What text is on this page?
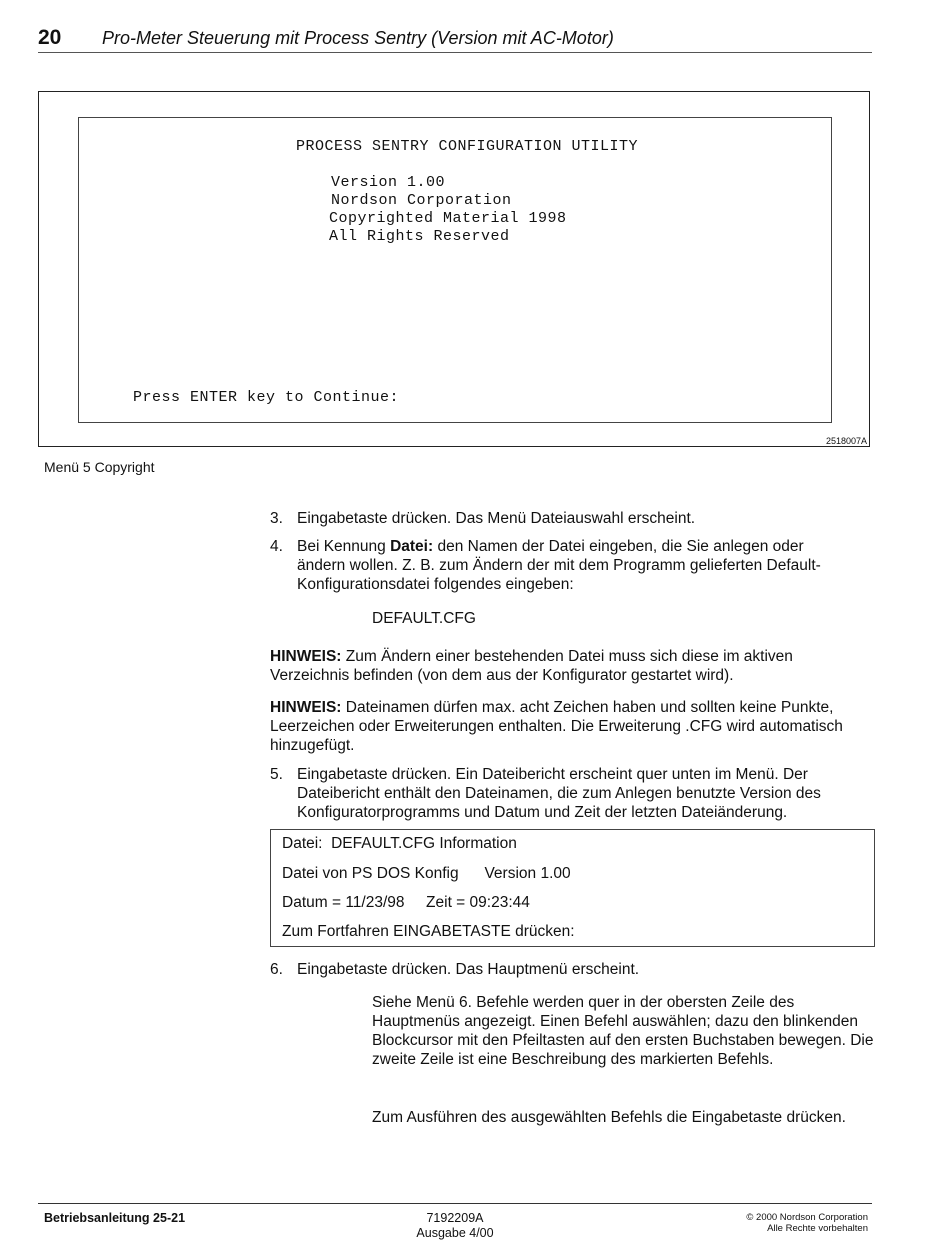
20 Pro-Meter Steuerung mit Process Sentry (Version mit AC-Motor)
PROCESS SENTRY CONFIGURATION UTILITY
Version 1.00
Nordson Corporation
Copyrighted Material 1998
All Rights Reserved
Press ENTER key to Continue:
2518007A
Menü 5 Copyright
3. Eingabetaste drücken. Das Menü Dateiauswahl erscheint.
4. Bei Kennung Datei: den Namen der Datei eingeben, die Sie anlegen oder ändern wollen. Z. B. zum Ändern der mit dem Programm gelieferten Default-Konfigurationsdatei folgendes eingeben:
DEFAULT.CFG
HINWEIS: Zum Ändern einer bestehenden Datei muss sich diese im aktiven Verzeichnis befinden (von dem aus der Konfigurator gestartet wird).
HINWEIS: Dateinamen dürfen max. acht Zeichen haben und sollten keine Punkte, Leerzeichen oder Erweiterungen enthalten. Die Erweiterung .CFG wird automatisch hinzugefügt.
5. Eingabetaste drücken. Ein Dateibericht erscheint quer unten im Menü. Der Dateibericht enthält den Dateinamen, die zum Anlegen benutzte Version des Konfiguratorprogramms und Datum und Zeit der letzten Dateiänderung.
Datei:  DEFAULT.CFG Information
Datei von PS DOS Konfig      Version 1.00
Datum = 11/23/98     Zeit = 09:23:44
Zum Fortfahren EINGABETASTE drücken:
6. Eingabetaste drücken. Das Hauptmenü erscheint.
Siehe Menü 6. Befehle werden quer in der obersten Zeile des Hauptmenüs angezeigt. Einen Befehl auswählen; dazu den blinkenden Blockcursor mit den Pfeiltasten auf den ersten Buchstaben bewegen. Die zweite Zeile ist eine Beschreibung des markierten Befehls.
Zum Ausführen des ausgewählten Befehls die Eingabetaste drücken.
Betriebsanleitung 25-21	7192209A
Ausgabe 4/00
© 2000 Nordson Corporation
Alle Rechte vorbehalten
